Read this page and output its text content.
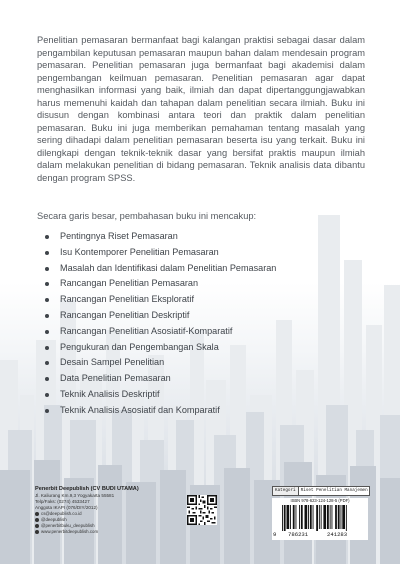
Penelitian pemasaran bermanfaat bagi kalangan praktisi sebagai dasar dalam pengambilan keputusan pemasaran maupun bahan dalam mendesain program pemasaran. Penelitian pemasaran juga bermanfaat bagi akademisi dalam pengembangan keilmuan pemasaran. Penelitian pemasaran agar dapat menghasilkan informasi yang baik, ilmiah dan dapat dipertanggungjawabkan harus memenuhi kaidah dan tahapan dalam penelitian secara ilmiah. Buku ini disusun dengan kombinasi antara teori dan praktik dalam penelitian pemasaran. Buku ini juga memberikan pemahaman tentang masalah yang sering dihadapi dalam penelitian pemasaran beserta isu yang terkait. Buku ini dilengkapi dengan teknik-teknik dasar yang bersifat praktis maupun ilmiah dalam melakukan penelitian di bidang pemasaran. Teknik analisis data dibantu dengan program SPSS.

Secara garis besar, pembahasan buku ini mencakup:

Pentingnya Riset Pemasaran
Isu Kontemporer Penelitian Pemasaran
Masalah dan Identifikasi dalam Penelitian Pemasaran
Rancangan Penelitian Pemasaran
Rancangan Penelitian Eksploratif
Rancangan Penelitian Deskriptif
Rancangan Penelitian Asosiatif-Komparatif
Pengukuran dan Pengembangan Skala
Desain Sampel Penelitian
Data Penelitian Pemasaran
Teknik Analisis Deskriptif
Teknik Analisis Asosiatif dan Komparatif
Penerbit Deepublish (CV BUDI UTAMA)
Jl. Kaliurang Km.9,3 Yogyakarta 55581
Telp/Faks: (0274) 4533427
Anggota IKAPI (076/DIY/2012)
cs@deepublish.co.id
@deepublish
@penerbitbuku_deepublish
www.penerbitdeepublish.com
Kategori Riset Penelitian Manajemen
ISBN 978-623-124-128-5 (PDF)
9 786231	241283
